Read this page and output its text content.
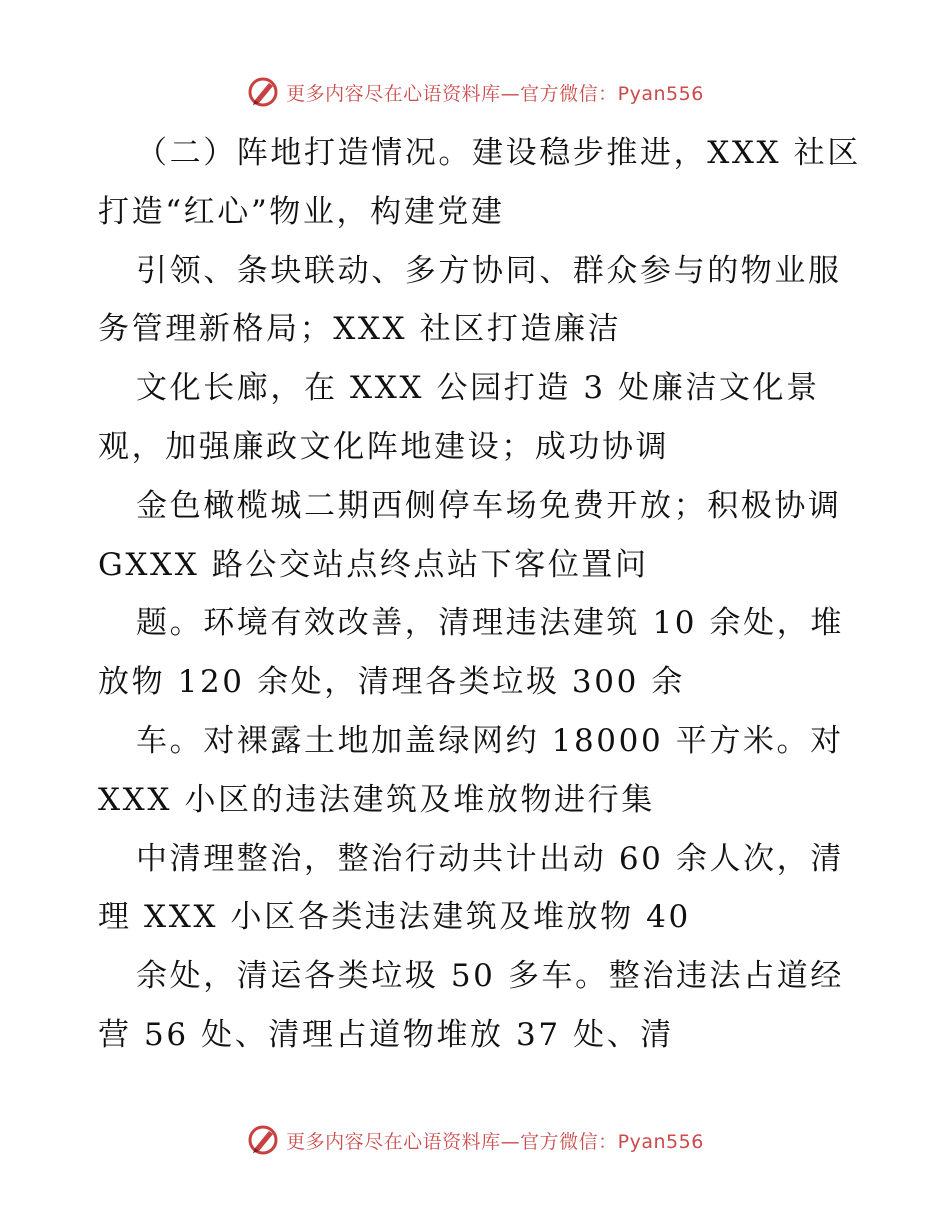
更多内容尽在心语资料库—官方微信：Pyan556
（二）阵地打造情况。建设稳步推进，XXX 社区
打造“红心”物业，构建党建
引领、条块联动、多方协同、群众参与的物业服
务管理新格局；XXX 社区打造廉洁
文化长廊，在 XXX 公园打造 3 处廉洁文化景
观，加强廉政文化阵地建设；成功协调
金色橄榄城二期西侧停车场免费开放；积极协调
GXXX 路公交站点终点站下客位置问
题。环境有效改善，清理违法建筑 10 余处，堆
放物 120 余处，清理各类垃圾 300 余
车。对裸露土地加盖绿网约 18000 平方米。对
XXX 小区的违法建筑及堆放物进行集
中清理整治，整治行动共计出动 60 余人次，清
理 XXX 小区各类违法建筑及堆放物 40
余处，清运各类垃圾 50 多车。整治违法占道经
营 56 处、清理占道物堆放 37 处、清
更多内容尽在心语资料库—官方微信：Pyan556
